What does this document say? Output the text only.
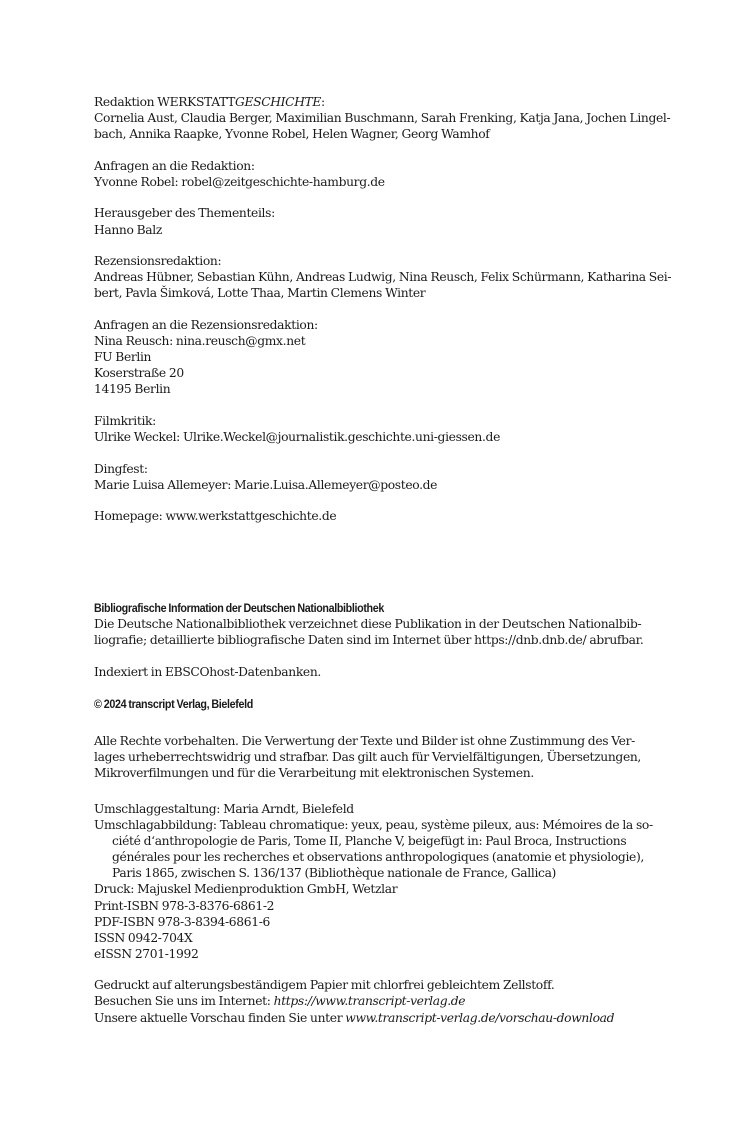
Redaktion WERKSTATTGESCHICHTE:
Cornelia Aust, Claudia Berger, Maximilian Buschmann, Sarah Frenking, Katja Jana, Jochen Lingel-
bach, Annika Raapke, Yvonne Robel, Helen Wagner, Georg Wamhof
Anfragen an die Redaktion:
Yvonne Robel: robel@zeitgeschichte-hamburg.de
Herausgeber des Thementeils:
Hanno Balz
Rezensionsredaktion:
Andreas Hübner, Sebastian Kühn, Andreas Ludwig, Nina Reusch, Felix Schürmann, Katharina Sei-
bert, Pavla Šimková, Lotte Thaa, Martin Clemens Winter
Anfragen an die Rezensionsredaktion:
Nina Reusch: nina.reusch@gmx.net
FU Berlin
Koserstraße 20
14195 Berlin
Filmkritik:
Ulrike Weckel: Ulrike.Weckel@journalistik.geschichte.uni-giessen.de
Dingfest:
Marie Luisa Allemeyer: Marie.Luisa.Allemeyer@posteo.de
Homepage: www.werkstattgeschichte.de
Bibliografische Information der Deutschen Nationalbibliothek
Die Deutsche Nationalbibliothek verzeichnet diese Publikation in der Deutschen Nationalbib-
liografie; detaillierte bibliografische Daten sind im Internet über https://dnb.dnb.de/ abrufbar.
Indexiert in EBSCOhost-Datenbanken.
© 2024 transcript Verlag, Bielefeld
Alle Rechte vorbehalten. Die Verwertung der Texte und Bilder ist ohne Zustimmung des Ver-
lages urheberrechtswidrig und strafbar. Das gilt auch für Vervielfältigungen, Übersetzungen,
Mikroverfilmungen und für die Verarbeitung mit elektronischen Systemen.
Umschlaggestaltung: Maria Arndt, Bielefeld
Umschlagabbildung: Tableau chromatique: yeux, peau, système pileux, aus: Mémoires de la so-
ciété d‘anthropologie de Paris, Tome II, Planche V, beigefügt in: Paul Broca, Instructions
générales pour les recherches et observations anthropologiques (anatomie et physiologie),
Paris 1865, zwischen S. 136/137 (Bibliothèque nationale de France, Gallica)
Druck: Majuskel Medienproduktion GmbH, Wetzlar
Print-ISBN 978-3-8376-6861-2
PDF-ISBN 978-3-8394-6861-6
ISSN 0942-704X
eISSN 2701-1992
Gedruckt auf alterungsbeständigem Papier mit chlorfrei gebleichtem Zellstoff.
Besuchen Sie uns im Internet: https://www.transcript-verlag.de
Unsere aktuelle Vorschau finden Sie unter www.transcript-verlag.de/vorschau-download
